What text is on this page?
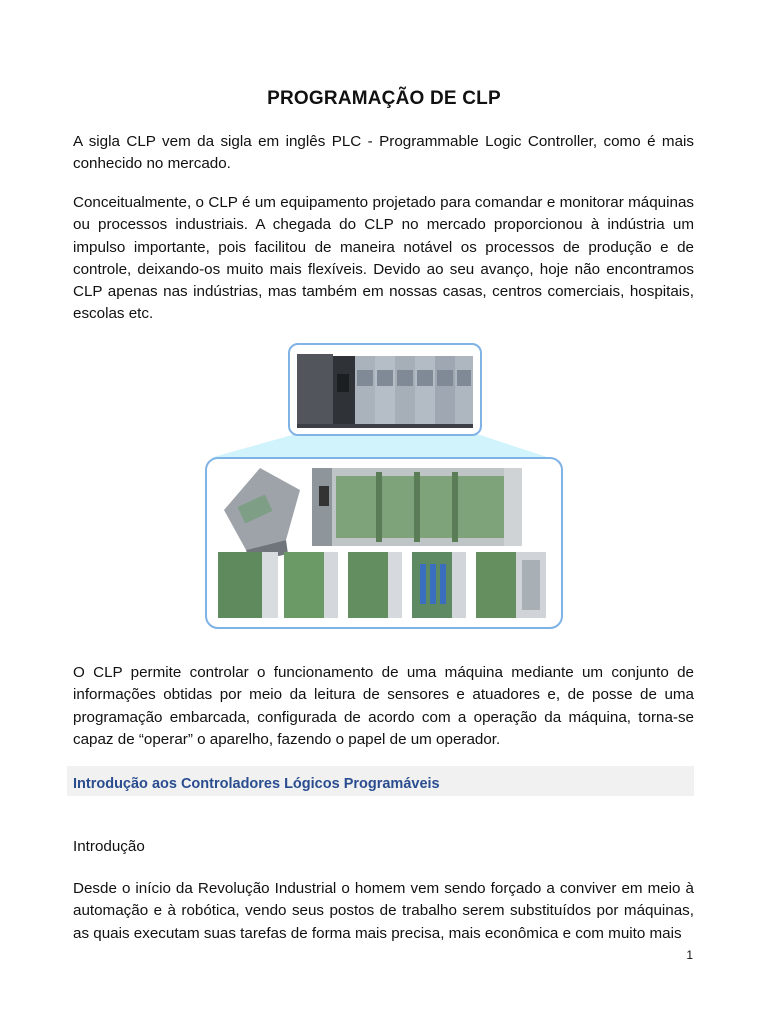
PROGRAMAÇÃO DE CLP

A sigla CLP vem da sigla em inglês PLC - Programmable Logic Controller, como é mais conhecido no mercado.

Conceitualmente, o CLP é um equipamento projetado para comandar e monitorar máquinas ou processos industriais. A chegada do CLP no mercado proporcionou à indústria um impulso importante, pois facilitou de maneira notável os processos de produção e de controle, deixando-os muito mais flexíveis. Devido ao seu avanço, hoje não encontramos CLP apenas nas indústrias, mas também em nossas casas, centros comerciais, hospitais, escolas etc.

O CLP permite controlar o funcionamento de uma máquina mediante um conjunto de informações obtidas por meio da leitura de sensores e atuadores e, de posse de uma programação embarcada, configurada de acordo com a operação da máquina, torna-se capaz de “operar” o aparelho, fazendo o papel de um operador.

Introdução aos Controladores Lógicos Programáveis
Introdução

Desde o início da Revolução Industrial o homem vem sendo forçado a conviver em meio à automação e à robótica, vendo seus postos de trabalho serem substituídos por máquinas, as quais executam suas tarefas de forma mais precisa, mais econômica e com muito mais

1
